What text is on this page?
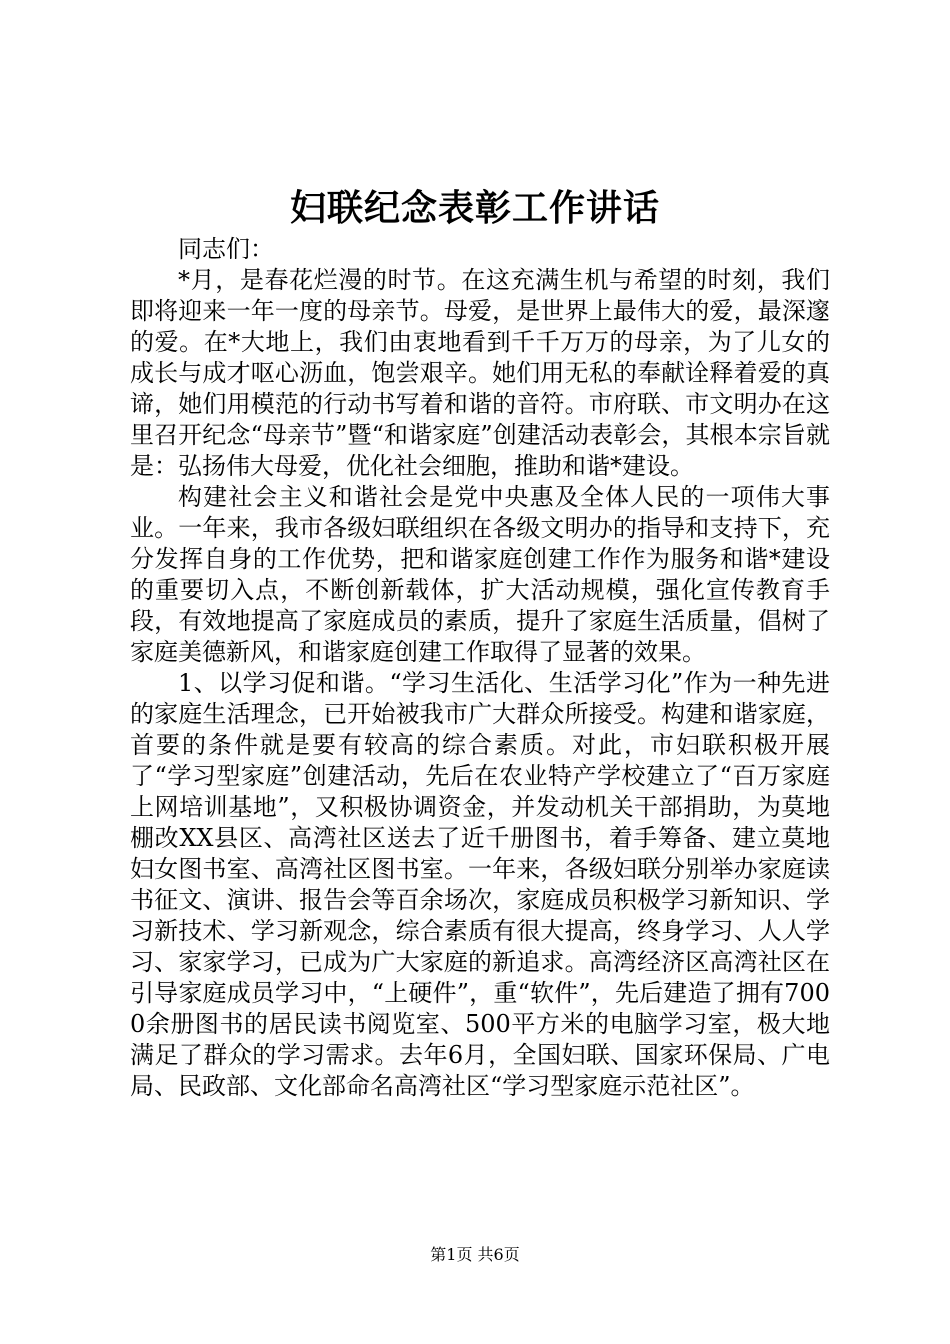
妇联纪念表彰工作讲话

同志们：

*月，是春花烂漫的时节。在这充满生机与希望的时刻，我们即将迎来一年一度的母亲节。母爱，是世界上最伟大的爱，最深邃的爱。在*大地上，我们由衷地看到千千万万的母亲，为了儿女的成长与成才呕心沥血，饱尝艰辛。她们用无私的奉献诠释着爱的真谛，她们用模范的行动书写着和谐的音符。市府联、市文明办在这里召开纪念“母亲节”暨“和谐家庭”创建活动表彰会，其根本宗旨就是：弘扬伟大母爱，优化社会细胞，推助和谐*建设。

构建社会主义和谐社会是党中央惠及全体人民的一项伟大事业。一年来，我市各级妇联组织在各级文明办的指导和支持下，充分发挥自身的工作优势，把和谐家庭创建工作作为服务和谐*建设的重要切入点，不断创新载体，扩大活动规模，强化宣传教育手段，有效地提高了家庭成员的素质，提升了家庭生活质量，倡树了家庭美德新风，和谐家庭创建工作取得了显著的效果。

1、以学习促和谐。“学习生活化、生活学习化”作为一种先进的家庭生活理念，已开始被我市广大群众所接受。构建和谐家庭，首要的条件就是要有较高的综合素质。对此，市妇联积极开展了“学习型家庭”创建活动，先后在农业特产学校建立了“百万家庭上网培训基地”，又积极协调资金，并发动机关干部捐助，为莫地棚改XX县区、高湾社区送去了近千册图书，着手筹备、建立莫地妇女图书室、高湾社区图书室。一年来，各级妇联分别举办家庭读书征文、演讲、报告会等百余场次，家庭成员积极学习新知识、学习新技术、学习新观念，综合素质有很大提高，终身学习、人人学习、家家学习，已成为广大家庭的新追求。高湾经济区高湾社区在引导家庭成员学习中，“上硬件”，重“软件”，先后建造了拥有7000余册图书的居民读书阅览室、500平方米的电脑学习室，极大地满足了群众的学习需求。去年6月，全国妇联、国家环保局、广电局、民政部、文化部命名高湾社区“学习型家庭示范社区”。

第1页 共6页
